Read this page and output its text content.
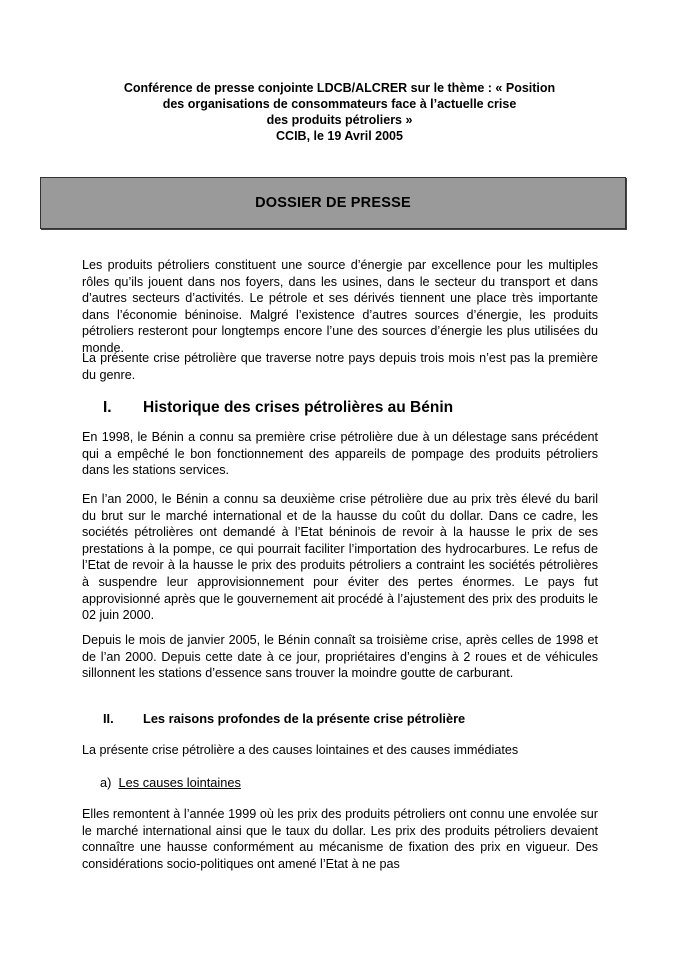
Conférence de presse conjointe LDCB/ALCRER sur le thème : « Position
des organisations de consommateurs face à l’actuelle crise
des produits pétroliers »
CCIB, le 19 Avril 2005
DOSSIER DE PRESSE
Les produits pétroliers constituent une source d’énergie par excellence pour les multiples rôles qu’ils jouent dans nos foyers, dans les usines, dans le secteur du transport et dans d’autres secteurs d’activités. Le pétrole et ses dérivés tiennent une place très importante dans l’économie béninoise. Malgré l’existence d’autres sources d’énergie, les produits pétroliers resteront pour longtemps encore l’une des sources d’énergie les plus utilisées du monde.
La présente crise pétrolière que traverse notre pays depuis trois mois n’est pas la première du genre.
I. Historique des crises pétrolières au Bénin
En 1998, le Bénin a connu sa première crise pétrolière due à un délestage sans précédent qui a empêché le bon fonctionnement des appareils de pompage des produits pétroliers dans les stations services.
En l’an 2000, le Bénin a connu sa deuxième crise pétrolière due au prix très élevé du baril du brut sur le marché international et de la hausse du coût du dollar. Dans ce cadre, les sociétés pétrolières ont demandé à l’Etat béninois de revoir à la hausse le prix de ses prestations à la pompe, ce qui pourrait faciliter l’importation des hydrocarbures. Le refus de l’Etat de revoir à la hausse le prix des produits pétroliers a contraint les sociétés pétrolières à suspendre leur approvisionnement pour éviter des pertes énormes. Le pays fut approvisionné après que le gouvernement ait procédé à l’ajustement des prix des produits le 02 juin 2000.
Depuis le mois de janvier 2005, le Bénin connaît sa troisième crise, après celles de 1998 et de l’an 2000. Depuis cette date à ce jour, propriétaires d’engins à 2 roues et de véhicules sillonnent les stations d’essence sans trouver la moindre goutte de carburant.
II. Les raisons profondes de la présente crise pétrolière
La présente crise pétrolière a des causes lointaines et des causes immédiates
a) Les causes lointaines
Elles remontent à l’année 1999 où les prix des produits pétroliers ont connu une envolée sur le marché international ainsi que le taux du dollar. Les prix des produits pétroliers devaient connaître une hausse conformément au mécanisme de fixation des prix en vigueur. Des considérations socio-politiques ont amené l’Etat à ne pas
